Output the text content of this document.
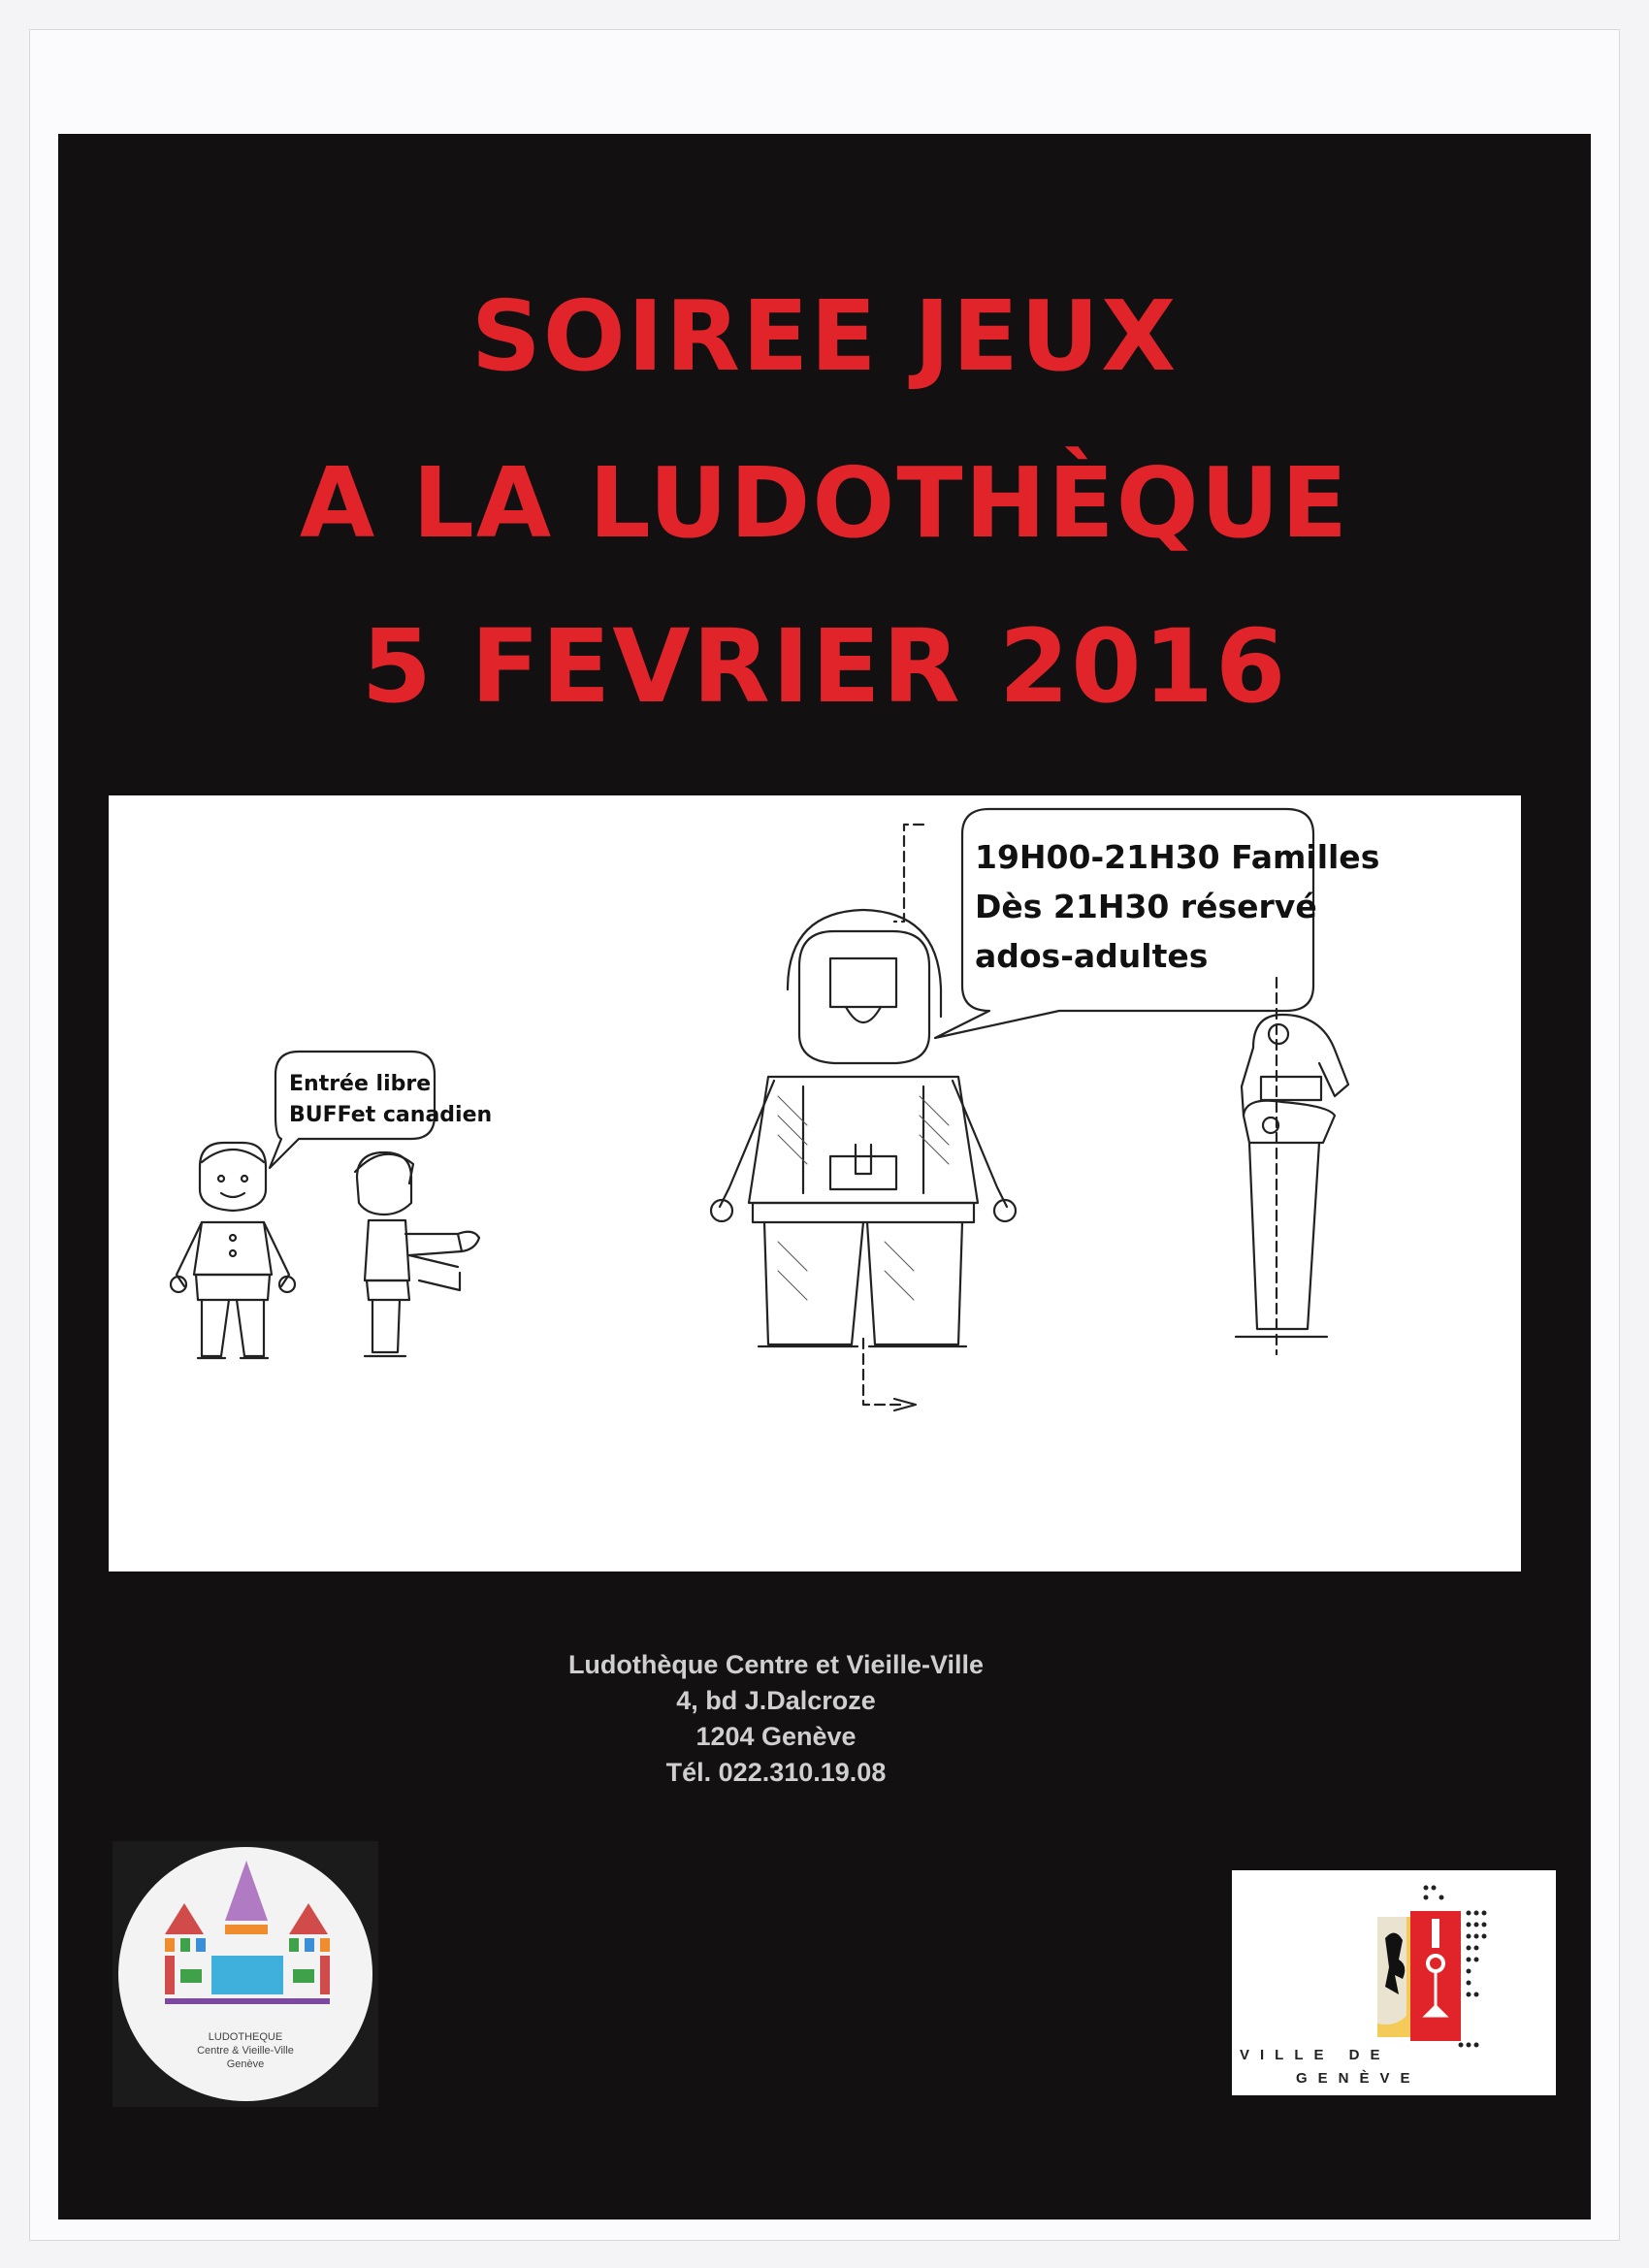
SOIREE JEUX
A LA LUDOTHÈQUE
5 FEVRIER 2016
Entrée libre
BUFFet canadien
19H00-21H30 Familles
Dès 21H30 réservé
ados-adultes
Ludothèque Centre et Vieille-Ville
4, bd J.Dalcroze
1204 Genève
Tél. 022.310.19.08
LUDOTHEQUE
Centre & Vieille-Ville
Genève
VILLE DE
GENÈVE
